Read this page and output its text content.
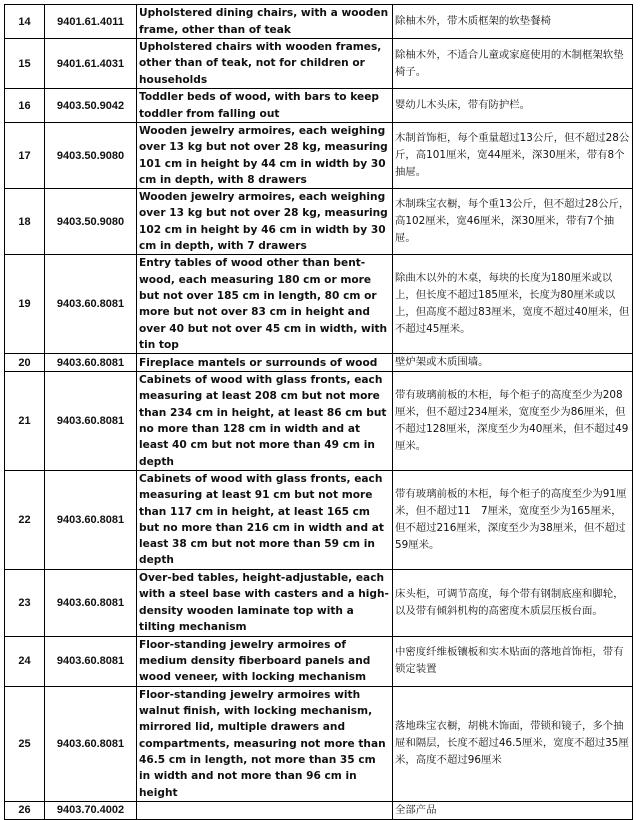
14	9401.61.4011	Upholstered dining chairs, with a wooden frame, other than of teak	除柚木外，带木质框架的软垫餐椅
15	9401.61.4031	Upholstered chairs with wooden frames, other than of teak, not for children or households	除柚木外，不适合儿童或家庭使用的木制框架软垫椅子。
16	9403.50.9042	Toddler beds of wood, with bars to keep toddler from falling out	婴幼儿木头床，带有防护栏。
17	9403.50.9080	Wooden jewelry armoires, each weighing over 13 kg but not over 28 kg, measuring 101 cm in height by 44 cm in width by 30 cm in depth, with 8 drawers	木制首饰柜，每个重量超过13公斤，但不超过28公斤，高101厘米，宽44厘米，深30厘米，带有8个抽屉。
18	9403.50.9080	Wooden jewelry armoires, each weighing over 13 kg but not over 28 kg, measuring 102 cm in height by 46 cm in width by 30 cm in depth, with 7 drawers	木制珠宝衣橱，每个重13公斤，但不超过28公斤，高102厘米，宽46厘米，深30厘米，带有7个抽屉。
19	9403.60.8081	Entry tables of wood other than bent-wood, each measuring 180 cm or more but not over 185 cm in length, 80 cm or more but not over 83 cm in height and over 40 but not over 45 cm in width, with tin top	除曲木以外的木桌，每块的长度为180厘米或以上，但长度不超过185厘米，长度为80厘米或以上，但高度不超过83厘米，宽度不超过40厘米，但不超过45厘米。
20	9403.60.8081	Fireplace mantels or surrounds of wood	壁炉架或木质围墙。
21	9403.60.8081	Cabinets of wood with glass fronts, each measuring at least 208 cm but not more than 234 cm in height, at least 86 cm but no more than 128 cm in width and at least 40 cm but not more than 49 cm in depth	带有玻璃前板的木柜，每个柜子的高度至少为208厘米，但不超过234厘米，宽度至少为86厘米，但不超过128厘米，深度至少为40厘米，但不超过49厘米。
22	9403.60.8081	Cabinets of wood with glass fronts, each measuring at least 91 cm but not more than 117 cm in height, at least 165 cm but no more than 216 cm in width and at least 38 cm but not more than 59 cm in depth	带有玻璃前板的木柜，每个柜子的高度至少为91厘米，但不超过11　7厘米，宽度至少为165厘米，但不超过216厘米，深度至少为38厘米，但不超过59厘米。
23	9403.60.8081	Over-bed tables, height-adjustable, each with a steel base with casters and a high-density wooden laminate top with a tilting mechanism	床头柜，可调节高度，每个带有钢制底座和脚轮，以及带有倾斜机构的高密度木质层压板台面。
24	9403.60.8081	Floor-standing jewelry armoires of medium density fiberboard panels and wood veneer, with locking mechanism	中密度纤维板镶板和实木贴面的落地首饰柜，带有锁定装置
25	9403.60.8081	Floor-standing jewelry armoires with walnut finish, with locking mechanism, mirrored lid, multiple drawers and compartments, measuring not more than 46.5 cm in length, not more than 35 cm in width and not more than 96 cm in height	落地珠宝衣橱，胡桃木饰面，带锁和镜子，多个抽屉和隔层，长度不超过46.5厘米，宽度不超过35厘米，高度不超过96厘米
26	9403.70.4002		全部产品
